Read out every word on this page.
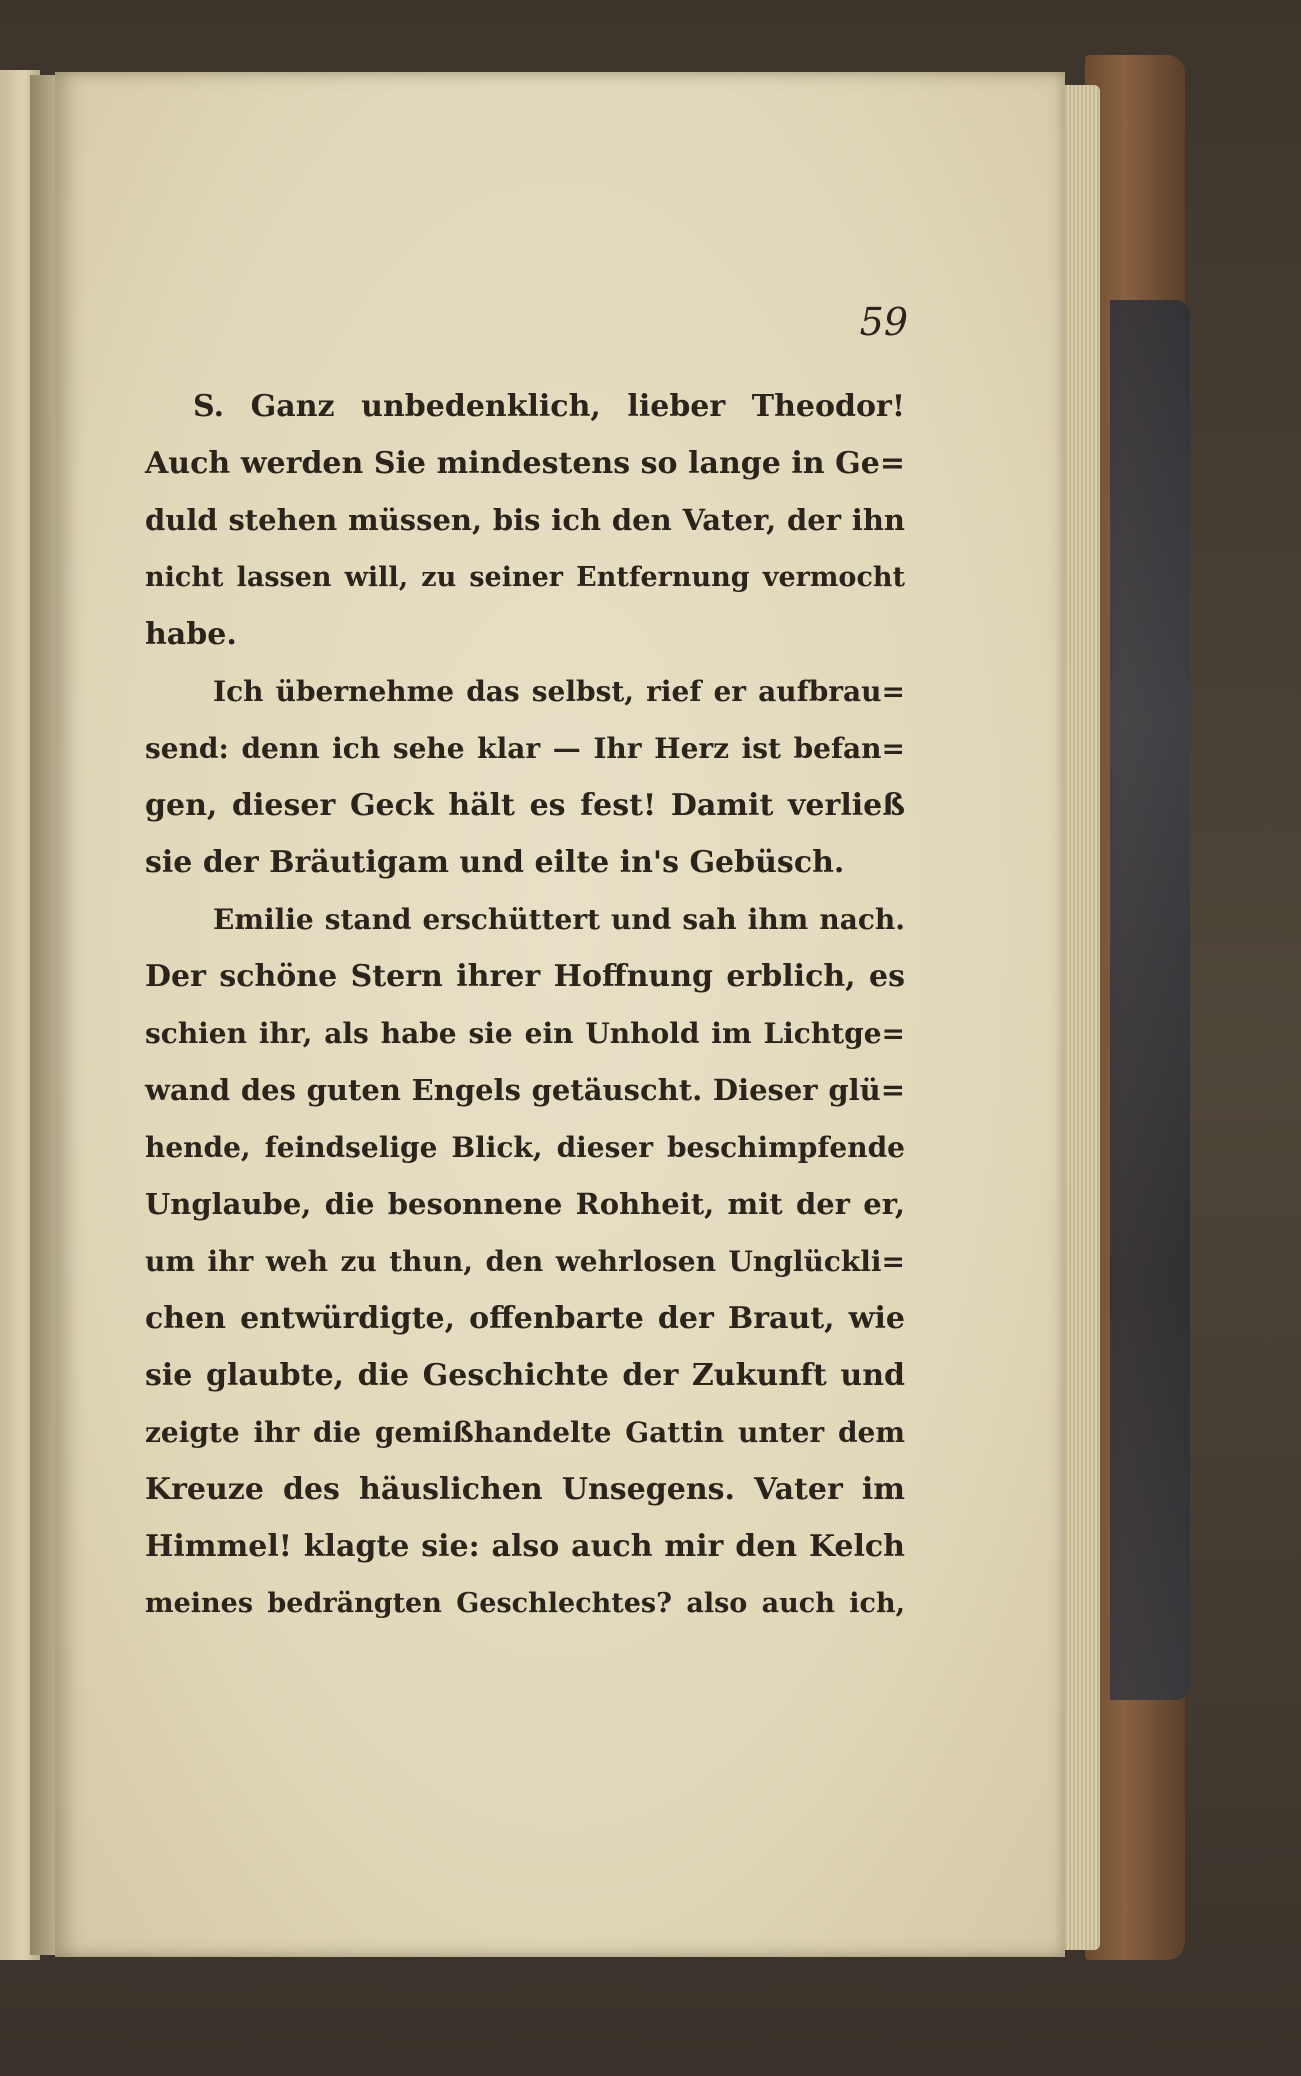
59
S. Ganz unbedenklich, lieber Theodor!
Auch werden Sie mindestens so lange in Ge=
duld stehen müssen, bis ich den Vater, der ihn
nicht lassen will, zu seiner Entfernung vermocht
habe.
Ich übernehme das selbst, rief er aufbrau=
send: denn ich sehe klar — Ihr Herz ist befan=
gen, dieser Geck hält es fest! Damit verließ
sie der Bräutigam und eilte in's Gebüsch.
Emilie stand erschüttert und sah ihm nach.
Der schöne Stern ihrer Hoffnung erblich, es
schien ihr, als habe sie ein Unhold im Lichtge=
wand des guten Engels getäuscht. Dieser glü=
hende, feindselige Blick, dieser beschimpfende
Unglaube, die besonnene Rohheit, mit der er,
um ihr weh zu thun, den wehrlosen Unglückli=
chen entwürdigte, offenbarte der Braut, wie
sie glaubte, die Geschichte der Zukunft und
zeigte ihr die gemißhandelte Gattin unter dem
Kreuze des häuslichen Unsegens. Vater im
Himmel! klagte sie: also auch mir den Kelch
meines bedrängten Geschlechtes? also auch ich,
